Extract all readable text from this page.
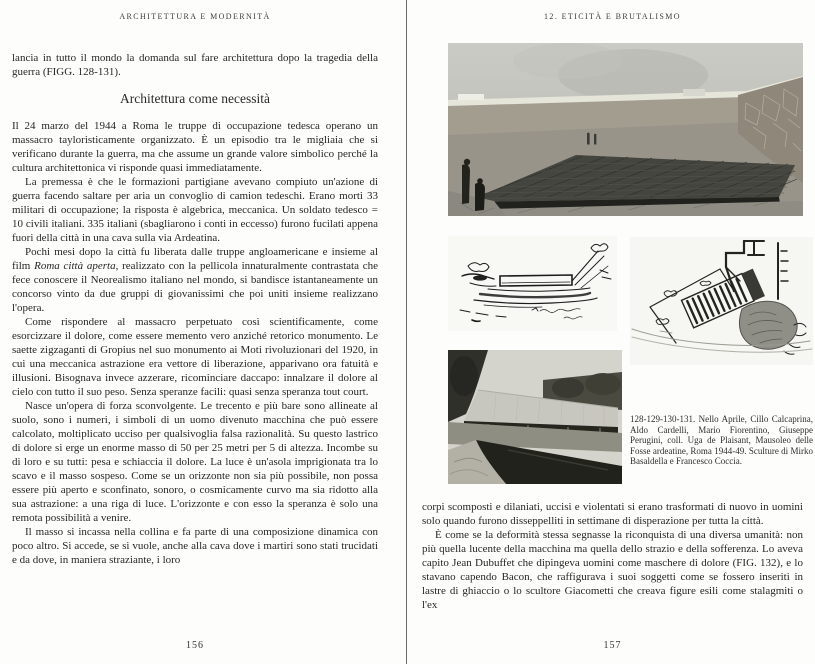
ARCHITETTURA E MODERNITÀ

lancia in tutto il mondo la domanda sul fare architettura dopo la tragedia della guerra (FIGG. 128-131).

Architettura come necessità

Il 24 marzo del 1944 a Roma le truppe di occupazione tedesca operano un massacro tayloristicamente organizzato. È un episodio tra le migliaia che si verificano durante la guerra, ma che assume un grande valore simbolico perché la cultura architettonica vi risponde quasi immediatamente.

La premessa è che le formazioni partigiane avevano compiuto un'azione di guerra facendo saltare per aria un convoglio di camion tedeschi. Erano morti 33 militari di occupazione; la risposta è algebrica, meccanica. Un soldato tedesco = 10 civili italiani. 335 italiani (sbagliarono i conti in eccesso) furono fucilati appena fuori della città in una cava sulla via Ardeatina.

Pochi mesi dopo la città fu liberata dalle truppe angloamericane e insieme al film Roma città aperta, realizzato con la pellicola innaturalmente contrastata che fece conoscere il Neorealismo italiano nel mondo, si bandisce istantaneamente un concorso vinto da due gruppi di giovanissimi che poi uniti insieme realizzano l'opera.

Come rispondere al massacro perpetuato così scientificamente, come esorcizzare il dolore, come essere memento vero anziché retorico monumento. Le saette zigzaganti di Gropius nel suo monumento ai Moti rivoluzionari del 1920, in cui una meccanica astrazione era vettore di liberazione, apparivano ora fatuità e illusioni. Bisognava invece azzerare, ricominciare daccapo: innalzare il dolore al cielo con tutto il suo peso. Senza speranze facili: quasi senza speranza tout court.

Nasce un'opera di forza sconvolgente. Le trecento e più bare sono allineate al suolo, sono i numeri, i simboli di un uomo divenuto macchina che può essere calcolato, moltiplicato ucciso per qualsivoglia falsa razionalità. Su questo lastrico di dolore si erge un enorme masso di 50 per 25 metri per 5 di altezza. Incombe su di loro e su tutti: pesa e schiaccia il dolore. La luce è un'asola imprigionata tra lo scavo e il masso sospeso. Come se un orizzonte non sia più possibile, non possa essere più aperto e sconfinato, sonoro, o cosmicamente curvo ma sia ridotto alla sua astrazione: a una riga di luce. L'orizzonte e con esso la speranza è solo una remota possibilità a venire.

Il masso si incassa nella collina e fa parte di una composizione dinamica con poco altro. Si accede, se si vuole, anche alla cava dove i martiri sono stati trucidati e da dove, in maniera straziante, i loro

156
12. ETICITÀ E BRUTALISMO
128-129-130-131. Nello Aprile, Cillo Calcaprina, Aldo Cardelli, Mario Fiorentino, Giuseppe Perugini, coll. Uga de Plaisant, Mausoleo delle Fosse ardeatine, Roma 1944-49. Sculture di Mirko Basaldella e Francesco Coccia.

corpi scomposti e dilaniati, uccisi e violentati si erano trasformati di nuovo in uomini solo quando furono disseppelliti in settimane di disperazione per tutta la città.

È come se la deformità stessa segnasse la riconquista di una diversa umanità: non più quella lucente della macchina ma quella dello strazio e della sofferenza. Lo aveva capito Jean Dubuffet che dipingeva uomini come maschere di dolore (FIG. 132), e lo stavano capendo Bacon, che raffigurava i suoi soggetti come se fossero inseriti in lastre di ghiaccio o lo scultore Giacometti che creava figure esili come stalagmiti o l'ex

157
